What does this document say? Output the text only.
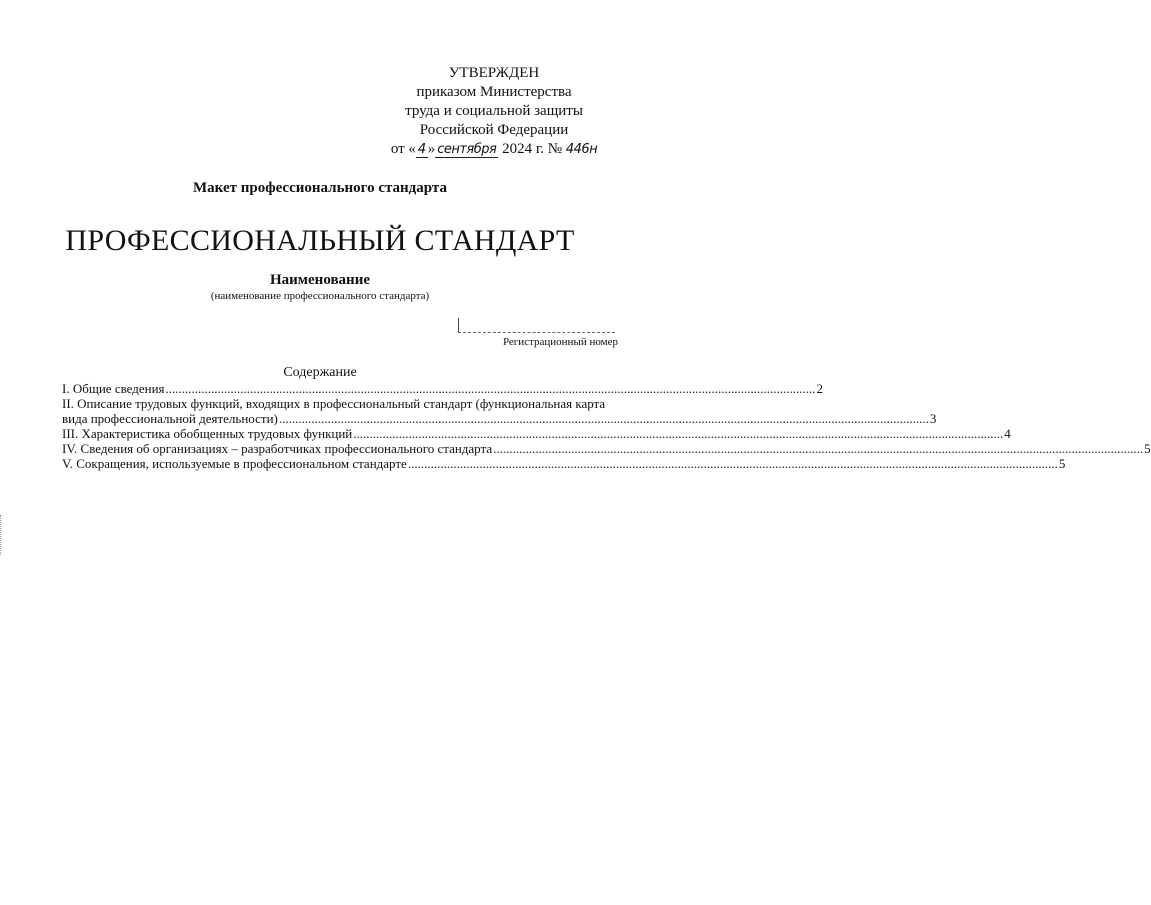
УТВЕРЖДЕН
приказом Министерства
труда и социальной защиты
Российской Федерации
от « 4 » сентября 2024 г. № 446н
Макет профессионального стандарта
ПРОФЕССИОНАЛЬНЫЙ СТАНДАРТ
Наименование
(наименование профессионального стандарта)
Регистрационный номер
Содержание
I. Общие сведения ........................................................................................................................................................................................................ 2
II. Описание трудовых функций, входящих в профессиональный стандарт (функциональная карта
вида профессиональной деятельности) ........................................................................................................................................................................................................ 3
III. Характеристика обобщенных трудовых функций ........................................................................................................................................................................................................ 4
IV. Сведения об организациях – разработчиках профессионального стандарта ........................................................................................................................................................................................................ 5
V. Сокращения, используемые в профессиональном стандарте ........................................................................................................................................................................................................ 5
